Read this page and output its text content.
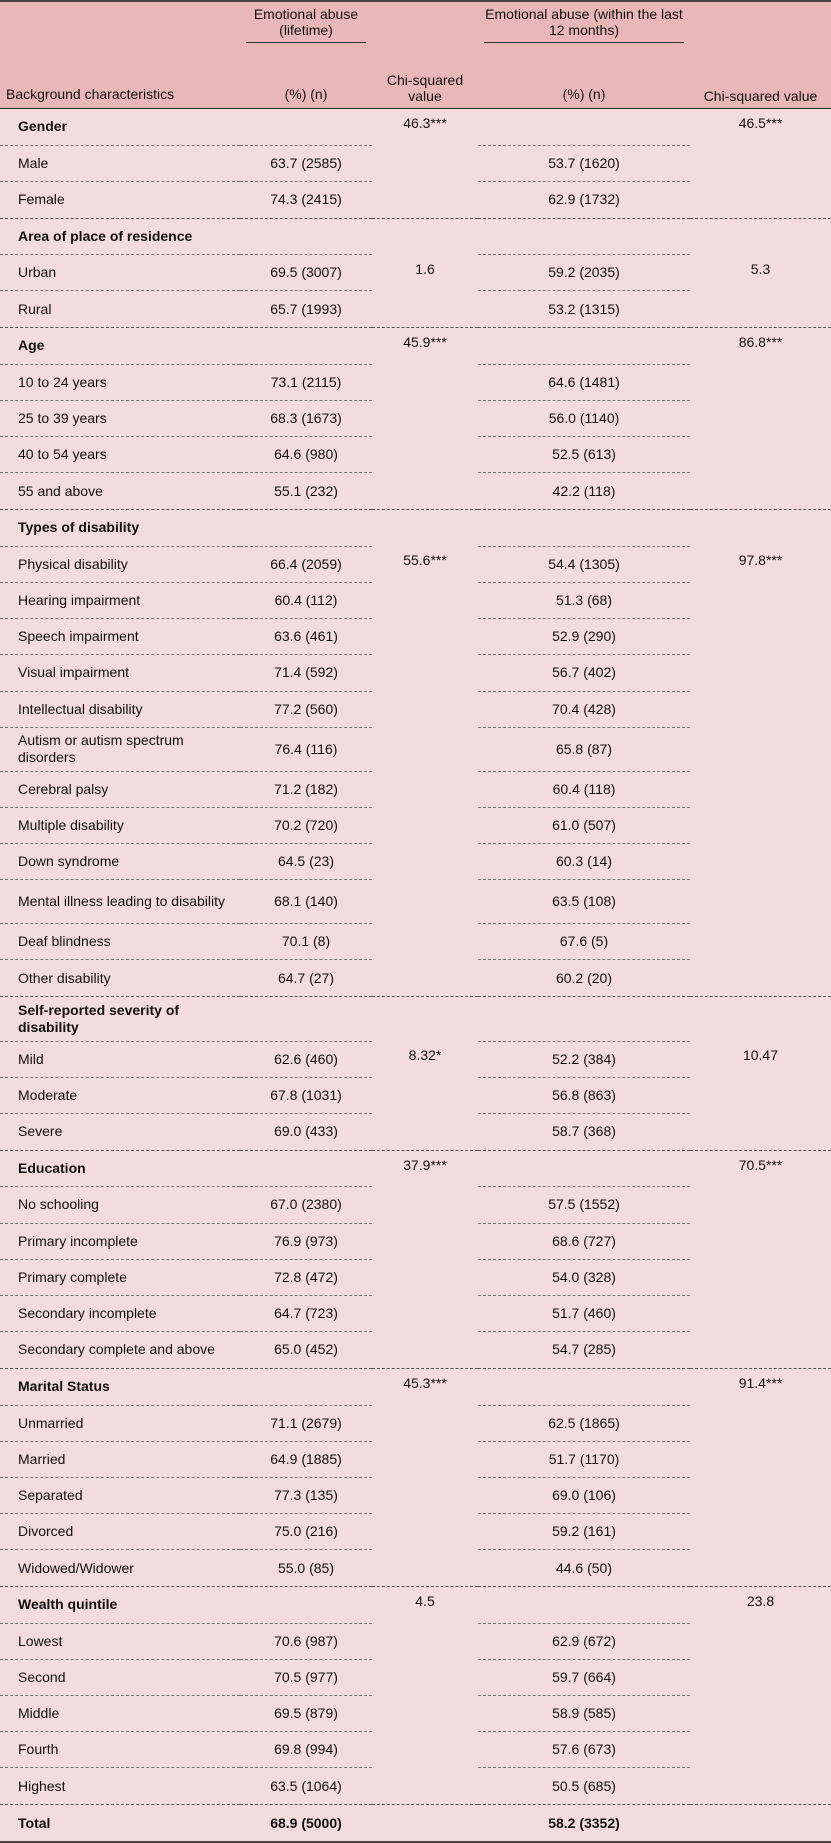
Background characteristics	Emotional abuse (lifetime)	Chi-squared value	Emotional abuse (within the last 12 months)	Chi-squared value
	(%) (n)		(%) (n)	
Gender		46.3***		46.5***
Male	63.7 (2585)		53.7 (1620)	
Female	74.3 (2415)		62.9 (1732)	
Area of place of residence				
Urban	69.5 (3007)	1.6	59.2 (2035)	5.3
Rural	65.7 (1993)		53.2 (1315)	
Age		45.9***		86.8***
10 to 24 years	73.1 (2115)		64.6 (1481)	
25 to 39 years	68.3 (1673)		56.0 (1140)	
40 to 54 years	64.6 (980)		52.5 (613)	
55 and above	55.1 (232)		42.2 (118)	
Types of disability				
Physical disability	66.4 (2059)	55.6***	54.4 (1305)	97.8***
Hearing impairment	60.4 (112)		51.3 (68)	
Speech impairment	63.6 (461)		52.9 (290)	
Visual impairment	71.4 (592)		56.7 (402)	
Intellectual disability	77.2 (560)		70.4 (428)	
Autism or autism spectrum disorders	76.4 (116)		65.8 (87)	
Cerebral palsy	71.2 (182)		60.4 (118)	
Multiple disability	70.2 (720)		61.0 (507)	
Down syndrome	64.5 (23)		60.3 (14)	
Mental illness leading to disability	68.1 (140)		63.5 (108)	
Deaf blindness	70.1 (8)		67.6 (5)	
Other disability	64.7 (27)		60.2 (20)	
Self-reported severity of disability				
Mild	62.6 (460)	8.32*	52.2 (384)	10.47
Moderate	67.8 (1031)		56.8 (863)	
Severe	69.0 (433)		58.7 (368)	
Education		37.9***		70.5***
No schooling	67.0 (2380)		57.5 (1552)	
Primary incomplete	76.9 (973)		68.6 (727)	
Primary complete	72.8 (472)		54.0 (328)	
Secondary incomplete	64.7 (723)		51.7 (460)	
Secondary complete and above	65.0 (452)		54.7 (285)	
Marital Status		45.3***		91.4***
Unmarried	71.1 (2679)		62.5 (1865)	
Married	64.9 (1885)		51.7 (1170)	
Separated	77.3 (135)		69.0 (106)	
Divorced	75.0 (216)		59.2 (161)	
Widowed/Widower	55.0 (85)		44.6 (50)	
Wealth quintile		4.5		23.8
Lowest	70.6 (987)		62.9 (672)	
Second	70.5 (977)		59.7 (664)	
Middle	69.5 (879)		58.9 (585)	
Fourth	69.8 (994)		57.6 (673)	
Highest	63.5 (1064)		50.5 (685)	
Total	68.9 (5000)		58.2 (3352)	
